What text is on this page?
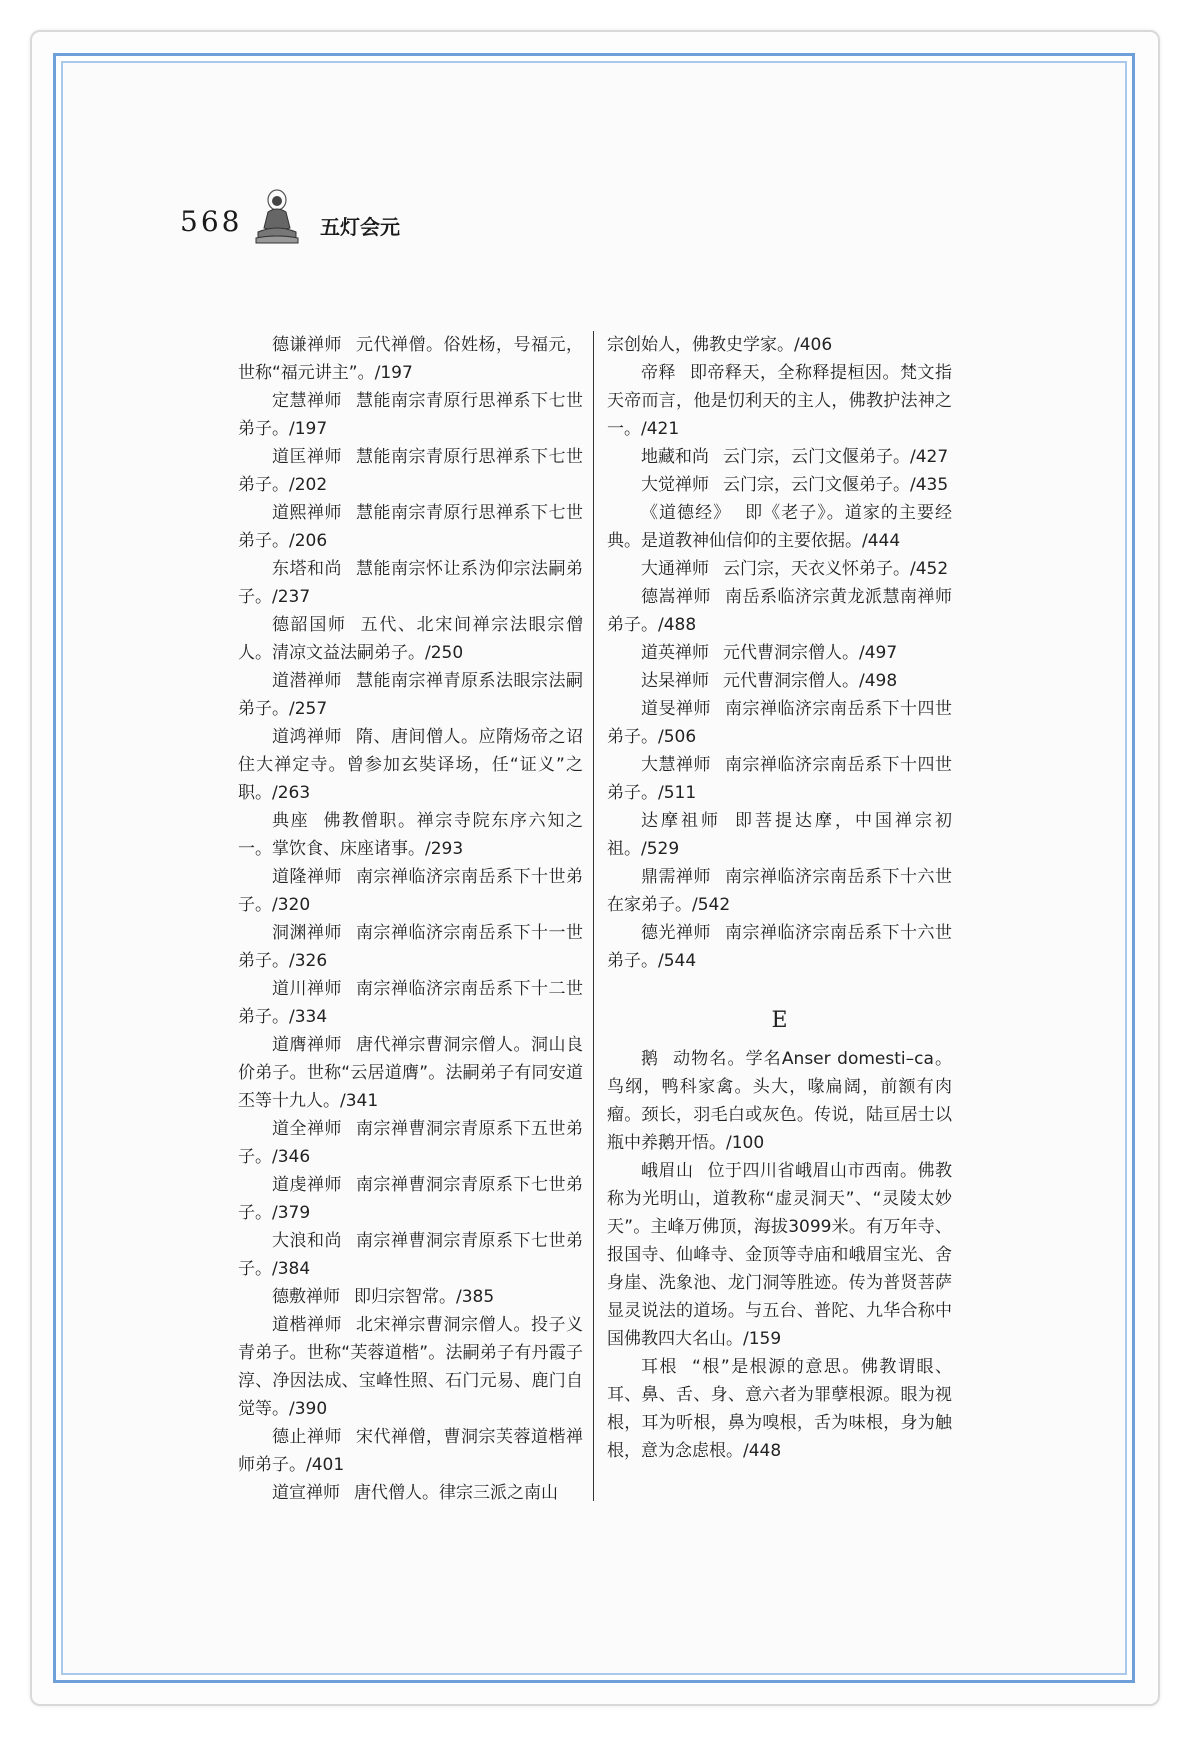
568	五灯会元
德谦禅师 元代禅僧。俗姓杨，号福元，世称“福元讲主”。/197
定慧禅师 慧能南宗青原行思禅系下七世弟子。/197
道匡禅师 慧能南宗青原行思禅系下七世弟子。/202
道熙禅师 慧能南宗青原行思禅系下七世弟子。/206
东塔和尚 慧能南宗怀让系沩仰宗法嗣弟子。/237
德韶国师 五代、北宋间禅宗法眼宗僧人。清凉文益法嗣弟子。/250
道潜禅师 慧能南宗禅青原系法眼宗法嗣弟子。/257
道鸿禅师 隋、唐间僧人。应隋炀帝之诏住大禅定寺。曾参加玄奘译场，任“证义”之职。/263
典座 佛教僧职。禅宗寺院东序六知之一。掌饮食、床座诸事。/293
道隆禅师 南宗禅临济宗南岳系下十世弟子。/320
洞渊禅师 南宗禅临济宗南岳系下十一世弟子。/326
道川禅师 南宗禅临济宗南岳系下十二世弟子。/334
道膺禅师 唐代禅宗曹洞宗僧人。洞山良价弟子。世称“云居道膺”。法嗣弟子有同安道丕等十九人。/341
道全禅师 南宗禅曹洞宗青原系下五世弟子。/346
道虔禅师 南宗禅曹洞宗青原系下七世弟子。/379
大浪和尚 南宗禅曹洞宗青原系下七世弟子。/384
德敷禅师 即归宗智常。/385
道楷禅师 北宋禅宗曹洞宗僧人。投子义青弟子。世称“芙蓉道楷”。法嗣弟子有丹霞子淳、净因法成、宝峰性照、石门元易、鹿门自觉等。/390
德止禅师 宋代禅僧，曹洞宗芙蓉道楷禅师弟子。/401
道宣禅师 唐代僧人。律宗三派之南山
宗创始人，佛教史学家。/406
帝释 即帝释天，全称释提桓因。梵文指天帝而言，他是忉利天的主人，佛教护法神之一。/421
地藏和尚 云门宗，云门文偃弟子。/427
大觉禅师 云门宗，云门文偃弟子。/435
《道德经》 即《老子》。道家的主要经典。是道教神仙信仰的主要依据。/444
大通禅师 云门宗，天衣义怀弟子。/452
德嵩禅师 南岳系临济宗黄龙派慧南禅师弟子。/488
道英禅师 元代曹洞宗僧人。/497
达杲禅师 元代曹洞宗僧人。/498
道旻禅师 南宗禅临济宗南岳系下十四世弟子。/506
大慧禅师 南宗禅临济宗南岳系下十四世弟子。/511
达摩祖师 即菩提达摩，中国禅宗初祖。/529
鼎需禅师 南宗禅临济宗南岳系下十六世在家弟子。/542
德光禅师 南宗禅临济宗南岳系下十六世弟子。/544
E
鹅 动物名。学名Anser domesti–ca。鸟纲，鸭科家禽。头大，喙扁阔，前额有肉瘤。颈长，羽毛白或灰色。传说，陆亘居士以瓶中养鹅开悟。/100
峨眉山 位于四川省峨眉山市西南。佛教称为光明山，道教称“虚灵洞天”、“灵陵太妙天”。主峰万佛顶，海拔3099米。有万年寺、报国寺、仙峰寺、金顶等寺庙和峨眉宝光、舍身崖、洗象池、龙门洞等胜迹。传为普贤菩萨显灵说法的道场。与五台、普陀、九华合称中国佛教四大名山。/159
耳根 “根”是根源的意思。佛教谓眼、耳、鼻、舌、身、意六者为罪孽根源。眼为视根，耳为听根，鼻为嗅根，舌为味根，身为触根，意为念虑根。/448
